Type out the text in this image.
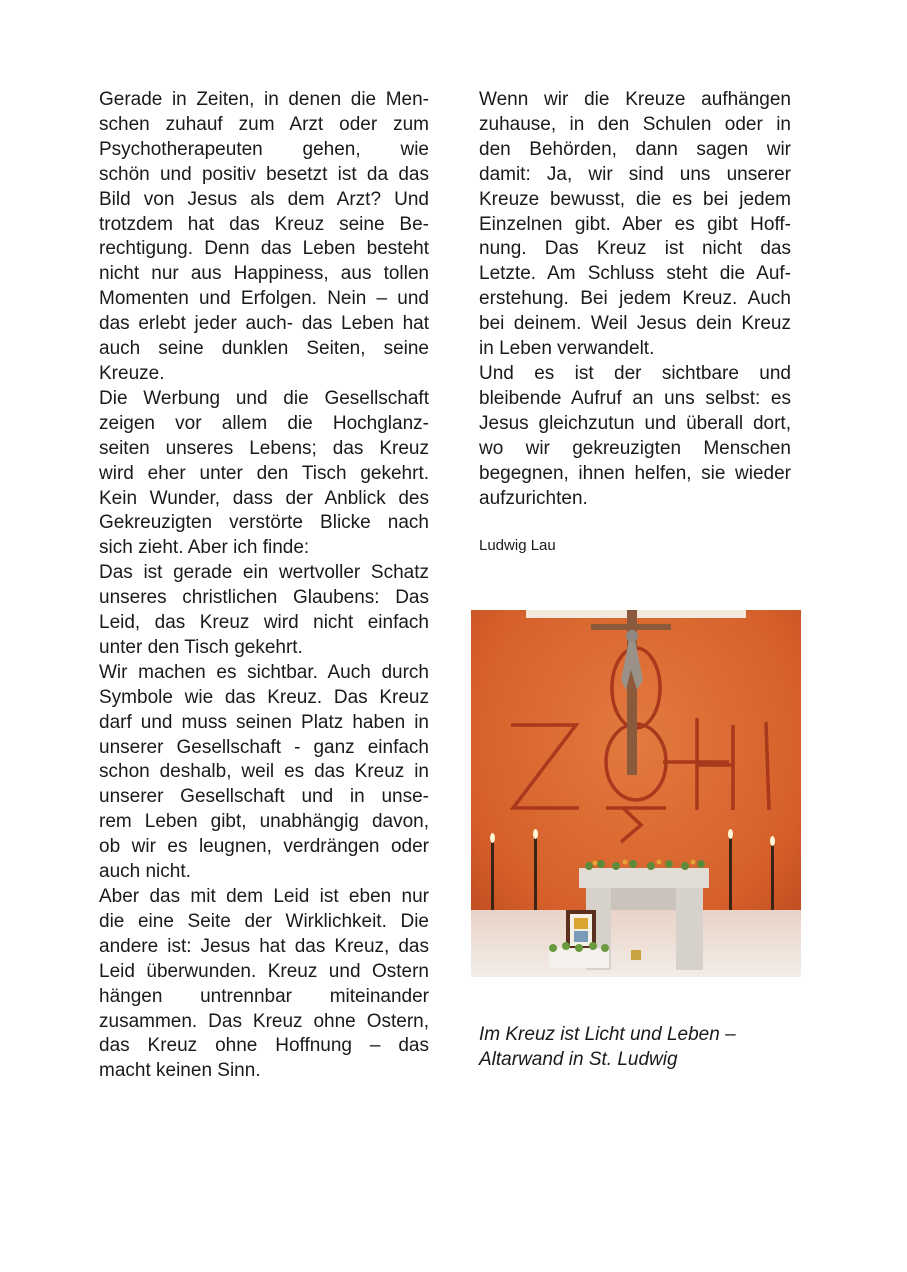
Gerade in Zeiten, in denen die Men-
schen zuhauf zum Arzt oder zum
Psychotherapeuten gehen, wie
schön und positiv besetzt ist da das
Bild von Jesus als dem Arzt? Und
trotzdem hat das Kreuz seine Be-
rechtigung. Denn das Leben besteht
nicht nur aus Happiness, aus tollen
Momenten und Erfolgen. Nein – und
das erlebt jeder auch- das Leben hat
auch seine dunklen Seiten, seine
Kreuze.

Die Werbung und die Gesellschaft
zeigen vor allem die Hochglanz-
seiten unseres Lebens; das Kreuz
wird eher unter den Tisch gekehrt.
Kein Wunder, dass der Anblick des
Gekreuzigten verstörte Blicke nach
sich zieht. Aber ich finde:

Das ist gerade ein wertvoller Schatz
unseres christlichen Glaubens: Das
Leid, das Kreuz wird nicht einfach
unter den Tisch gekehrt.

Wir machen es sichtbar. Auch durch
Symbole wie das Kreuz. Das Kreuz
darf und muss seinen Platz haben in
unserer Gesellschaft - ganz einfach
schon deshalb, weil es das Kreuz in
unserer Gesellschaft und in unse-
rem Leben gibt, unabhängig davon,
ob wir es leugnen, verdrängen oder
auch nicht.

Aber das mit dem Leid ist eben nur
die eine Seite der Wirklichkeit. Die
andere ist: Jesus hat das Kreuz, das
Leid überwunden. Kreuz und Ostern
hängen untrennbar miteinander
zusammen. Das Kreuz ohne Ostern,
das Kreuz ohne Hoffnung – das
macht keinen Sinn.

Wenn wir die Kreuze aufhängen
zuhause, in den Schulen oder in
den Behörden, dann sagen wir
damit: Ja, wir sind uns unserer
Kreuze bewusst, die es bei jedem
Einzelnen gibt. Aber es gibt Hoff-
nung. Das Kreuz ist nicht das
Letzte. Am Schluss steht die Auf-
erstehung. Bei jedem Kreuz. Auch
bei deinem. Weil Jesus dein Kreuz
in Leben verwandelt.

Und es ist der sichtbare und
bleibende Aufruf an uns selbst: es
Jesus gleichzutun und überall dort,
wo wir gekreuzigten Menschen
begegnen, ihnen helfen, sie wieder
aufzurichten.

Ludwig Lau
Im Kreuz ist Licht und Leben –
Altarwand in St. Ludwig
